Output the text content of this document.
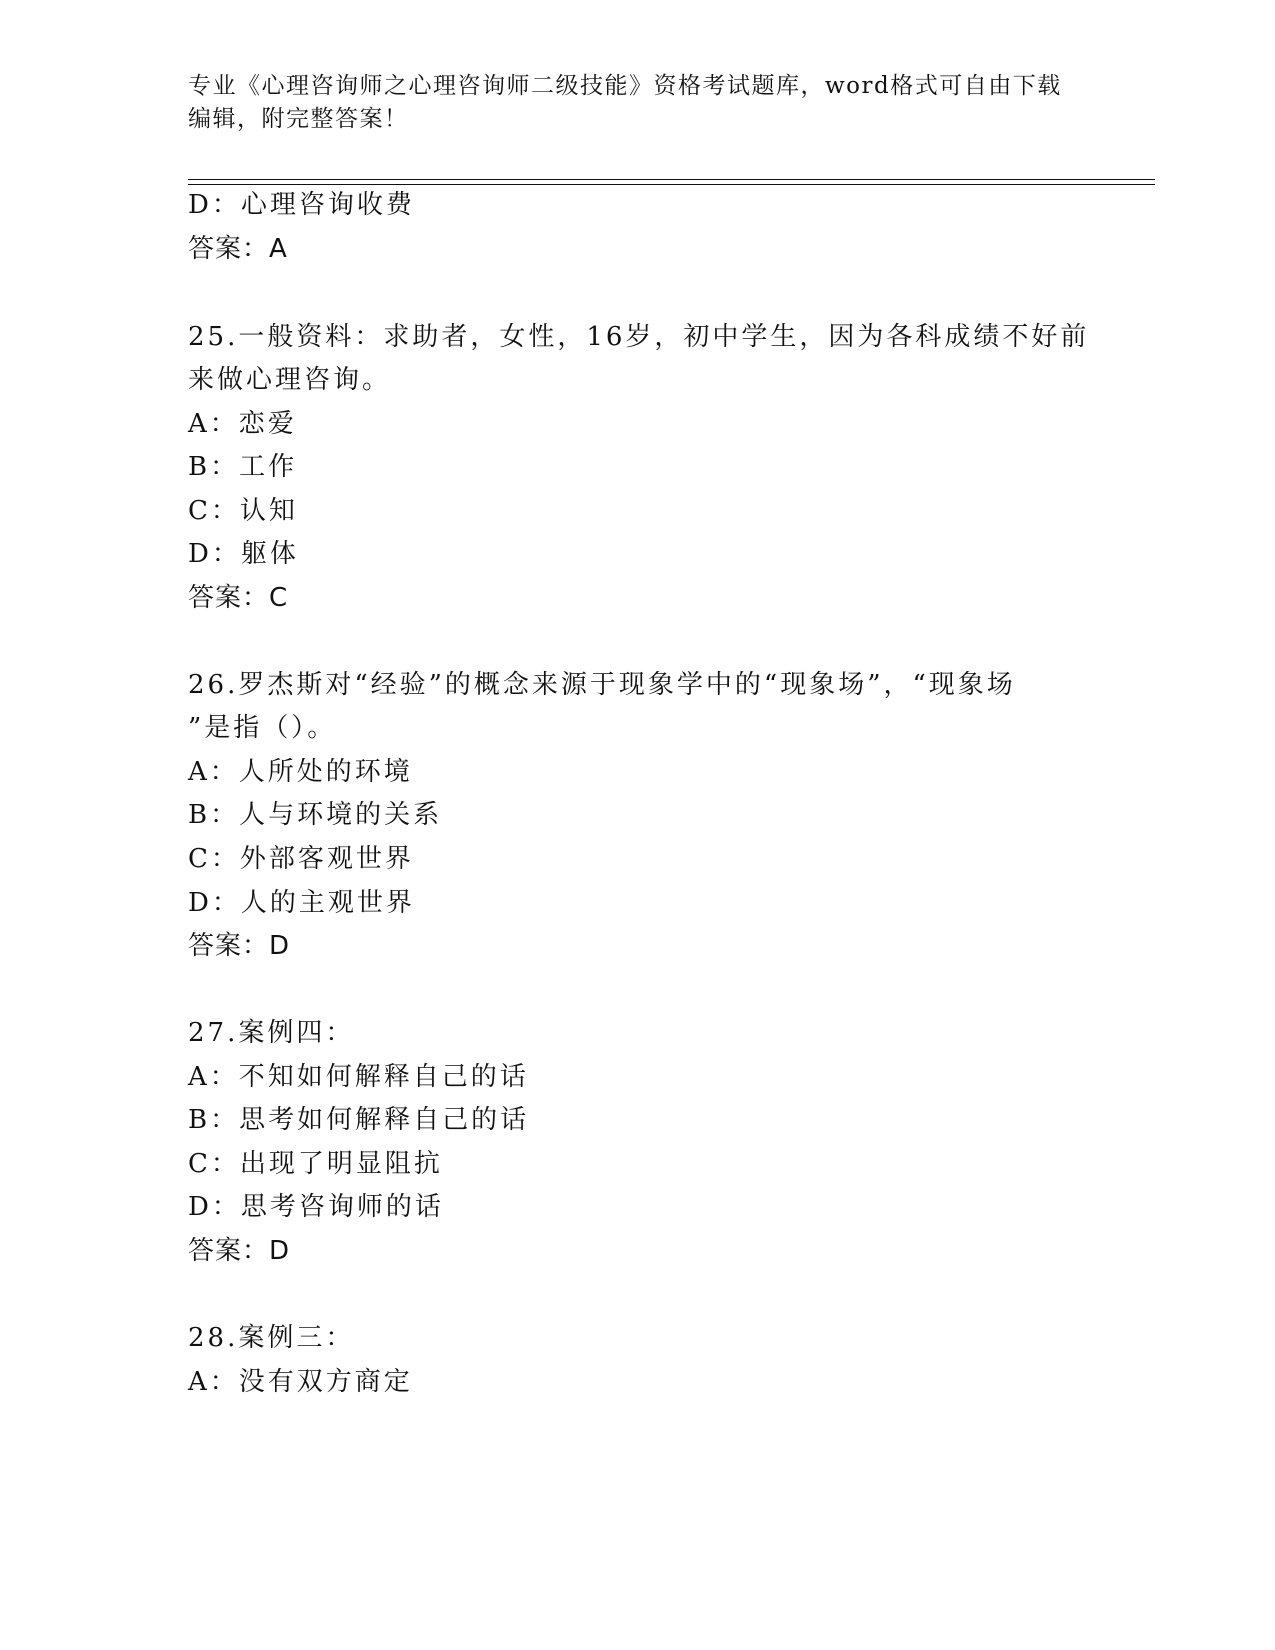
专业《心理咨询师之心理咨询师二级技能》资格考试题库，word格式可自由下载
编辑，附完整答案！
D：心理咨询收费
答案：A
25.一般资料：求助者，女性，16岁，初中学生，因为各科成绩不好前
来做心理咨询。
A：恋爱
B：工作
C：认知
D：躯体
答案：C
26.罗杰斯对“经验”的概念来源于现象学中的“现象场”，“现象场
”是指（）。
A：人所处的环境
B：人与环境的关系
C：外部客观世界
D：人的主观世界
答案：D
27.案例四：
A：不知如何解释自己的话
B：思考如何解释自己的话
C：出现了明显阻抗
D：思考咨询师的话
答案：D
28.案例三：
A：没有双方商定
